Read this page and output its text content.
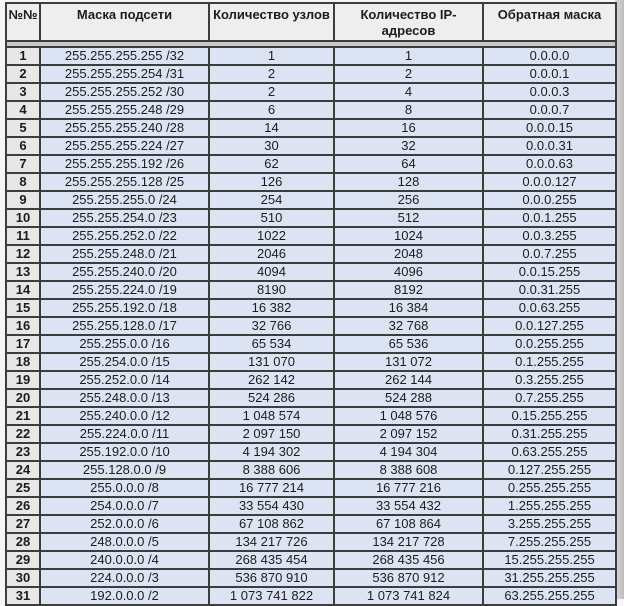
№№	Маска подсети	Количество узлов	Количество IP-адресов	Обратная маска

1	255.255.255.255 /32	1	1	0.0.0.0
2	255.255.255.254 /31	2	2	0.0.0.1
3	255.255.255.252 /30	2	4	0.0.0.3
4	255.255.255.248 /29	6	8	0.0.0.7
5	255.255.255.240 /28	14	16	0.0.0.15
6	255.255.255.224 /27	30	32	0.0.0.31
7	255.255.255.192 /26	62	64	0.0.0.63
8	255.255.255.128 /25	126	128	0.0.0.127
9	255.255.255.0 /24	254	256	0.0.0.255
10	255.255.254.0 /23	510	512	0.0.1.255
11	255.255.252.0 /22	1022	1024	0.0.3.255
12	255.255.248.0 /21	2046	2048	0.0.7.255
13	255.255.240.0 /20	4094	4096	0.0.15.255
14	255.255.224.0 /19	8190	8192	0.0.31.255
15	255.255.192.0 /18	16 382	16 384	0.0.63.255
16	255.255.128.0 /17	32 766	32 768	0.0.127.255
17	255.255.0.0 /16	65 534	65 536	0.0.255.255
18	255.254.0.0 /15	131 070	131 072	0.1.255.255
19	255.252.0.0 /14	262 142	262 144	0.3.255.255
20	255.248.0.0 /13	524 286	524 288	0.7.255.255
21	255.240.0.0 /12	1 048 574	1 048 576	0.15.255.255
22	255.224.0.0 /11	2 097 150	2 097 152	0.31.255.255
23	255.192.0.0 /10	4 194 302	4 194 304	0.63.255.255
24	255.128.0.0 /9	8 388 606	8 388 608	0.127.255.255
25	255.0.0.0 /8	16 777 214	16 777 216	0.255.255.255
26	254.0.0.0 /7	33 554 430	33 554 432	1.255.255.255
27	252.0.0.0 /6	67 108 862	67 108 864	3.255.255.255
28	248.0.0.0 /5	134 217 726	134 217 728	7.255.255.255
29	240.0.0.0 /4	268 435 454	268 435 456	15.255.255.255
30	224.0.0.0 /3	536 870 910	536 870 912	31.255.255.255
31	192.0.0.0 /2	1 073 741 822	1 073 741 824	63.255.255.255
